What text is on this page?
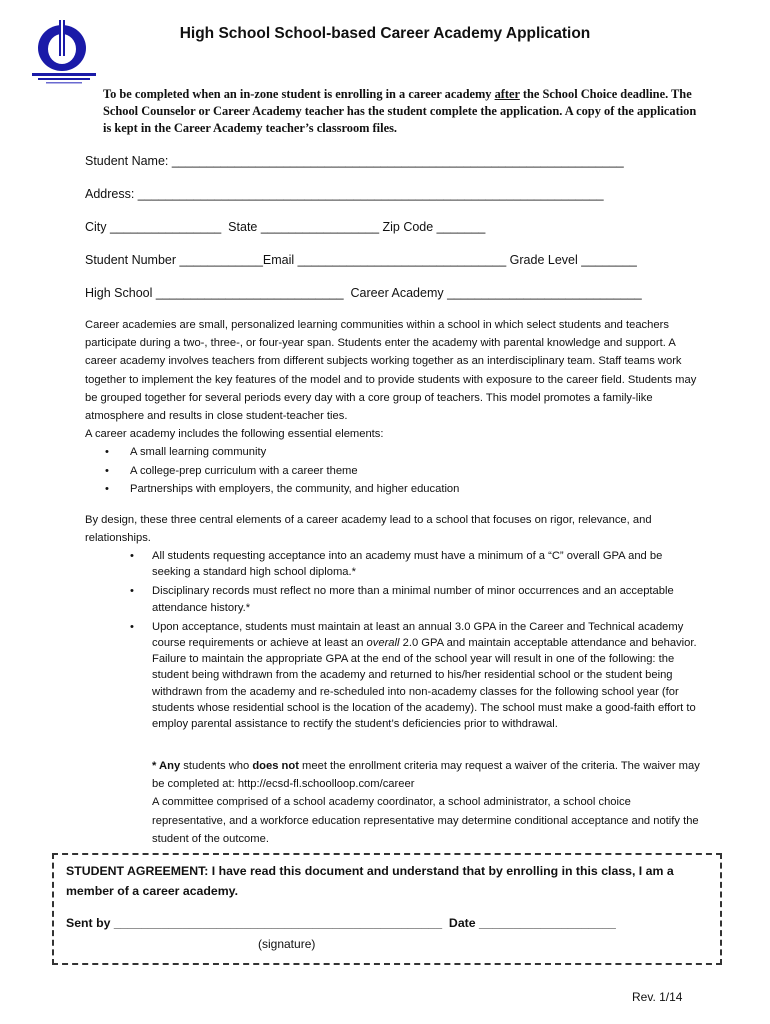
High School School-based Career Academy Application
To be completed when an in-zone student is enrolling in a career academy after the School Choice deadline. The School Counselor or Career Academy teacher has the student complete the application. A copy of the application is kept in the Career Academy teacher’s classroom files.
Student Name: _________________________________________________________________
Address: ___________________________________________________________________
City ________________  State _________________ Zip Code _______
Student Number ____________Email ______________________________ Grade Level ________
High School ___________________________  Career Academy ____________________________
Career academies are small, personalized learning communities within a school in which select students and teachers participate during a two-, three-, or four-year span. Students enter the academy with parental knowledge and support. A career academy involves teachers from different subjects working together as an interdisciplinary team. Staff teams work together to implement the key features of the model and to provide students with exposure to the career field. Students may be grouped together for several periods every day with a core group of teachers. This model promotes a family-like atmosphere and results in close student-teacher ties.
A career academy includes the following essential elements:
• A small learning community
• A college-prep curriculum with a career theme
• Partnerships with employers, the community, and higher education
By design, these three central elements of a career academy lead to a school that focuses on rigor, relevance, and relationships.
• All students requesting acceptance into an academy must have a minimum of a “C” overall GPA and be seeking a standard high school diploma.*
• Disciplinary records must reflect no more than a minimal number of minor occurrences and an acceptable attendance history.*
• Upon acceptance, students must maintain at least an annual 3.0 GPA in the Career and Technical academy course requirements or achieve at least an overall 2.0 GPA and maintain acceptable attendance and behavior. Failure to maintain the appropriate GPA at the end of the school year will result in one of the following: the student being withdrawn from the academy and returned to his/her residential school or the student being withdrawn from the academy and re-scheduled into non-academy classes for the following school year (for students whose residential school is the location of the academy). The school must make a good-faith effort to employ parental assistance to rectify the student’s deficiencies prior to withdrawal.
* Any students who does not meet the enrollment criteria may request a waiver of the criteria. The waiver may be completed at: http://ecsd-fl.schoolloop.com/career
A committee comprised of a school academy coordinator, a school administrator, a school choice representative, and a workforce education representative may determine conditional acceptance and notify the student of the outcome.
STUDENT AGREEMENT: I have read this document and understand that by enrolling in this class, I am a member of a career academy.
Sent by ________________________________________________  Date ____________________
(signature)
Rev. 1/14
